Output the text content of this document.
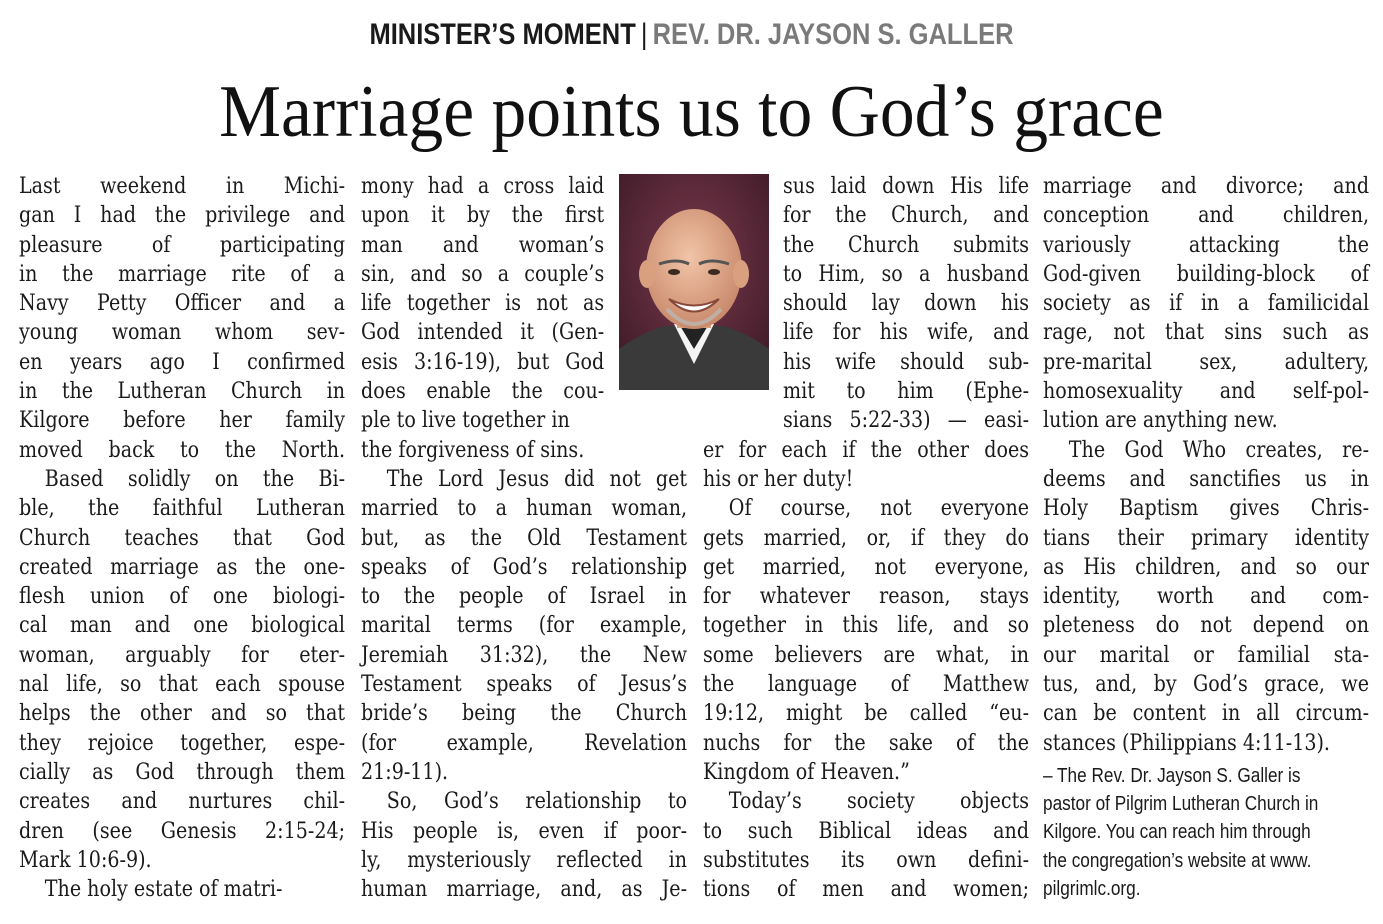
MINISTER’S MOMENT | REV. DR. JAYSON S. GALLER
Marriage points us to God’s grace
Last weekend in Michi-
gan I had the privilege and
pleasure of participating
in the marriage rite of a
Navy Petty Officer and a
young woman whom sev-
en years ago I confirmed
in the Lutheran Church in
Kilgore before her family
moved back to the North.
Based solidly on the Bi-
ble, the faithful Lutheran
Church teaches that God
created marriage as the one-
flesh union of one biologi-
cal man and one biological
woman, arguably for eter-
nal life, so that each spouse
helps the other and so that
they rejoice together, espe-
cially as God through them
creates and nurtures chil-
dren (see Genesis 2:15-24;
Mark 10:6-9).
The holy estate of matri-
mony had a cross laid
upon it by the first
man and woman’s
sin, and so a couple’s
life together is not as
God intended it (Gen-
esis 3:16-19), but God
does enable the cou-
ple to live together in
the forgiveness of sins.
The Lord Jesus did not get
married to a human woman,
but, as the Old Testament
speaks of God’s relationship
to the people of Israel in
marital terms (for example,
Jeremiah 31:32), the New
Testament speaks of Jesus’s
bride’s being the Church
(for example, Revelation
21:9-11).
So, God’s relationship to
His people is, even if poor-
ly, mysteriously reflected in
human marriage, and, as Je-
sus laid down His life
for the Church, and
the Church submits
to Him, so a husband
should lay down his
life for his wife, and
his wife should sub-
mit to him (Ephe-
sians 5:22-33) — easi-
er for each if the other does
his or her duty!
Of course, not everyone
gets married, or, if they do
get married, not everyone,
for whatever reason, stays
together in this life, and so
some believers are what, in
the language of Matthew
19:12, might be called “eu-
nuchs for the sake of the
Kingdom of Heaven.”
Today’s society objects
to such Biblical ideas and
substitutes its own defini-
tions of men and women;
marriage and divorce; and
conception and children,
variously attacking the
God-given building-block of
society as if in a familicidal
rage, not that sins such as
pre-marital sex, adultery,
homosexuality and self-pol-
lution are anything new.
The God Who creates, re-
deems and sanctifies us in
Holy Baptism gives Chris-
tians their primary identity
as His children, and so our
identity, worth and com-
pleteness do not depend on
our marital or familial sta-
tus, and, by God’s grace, we
can be content in all circum-
stances (Philippians 4:11-13).
– The Rev. Dr. Jayson S. Galler is
pastor of Pilgrim Lutheran Church in
Kilgore. You can reach him through
the congregation’s website at www.
pilgrimlc.org.
